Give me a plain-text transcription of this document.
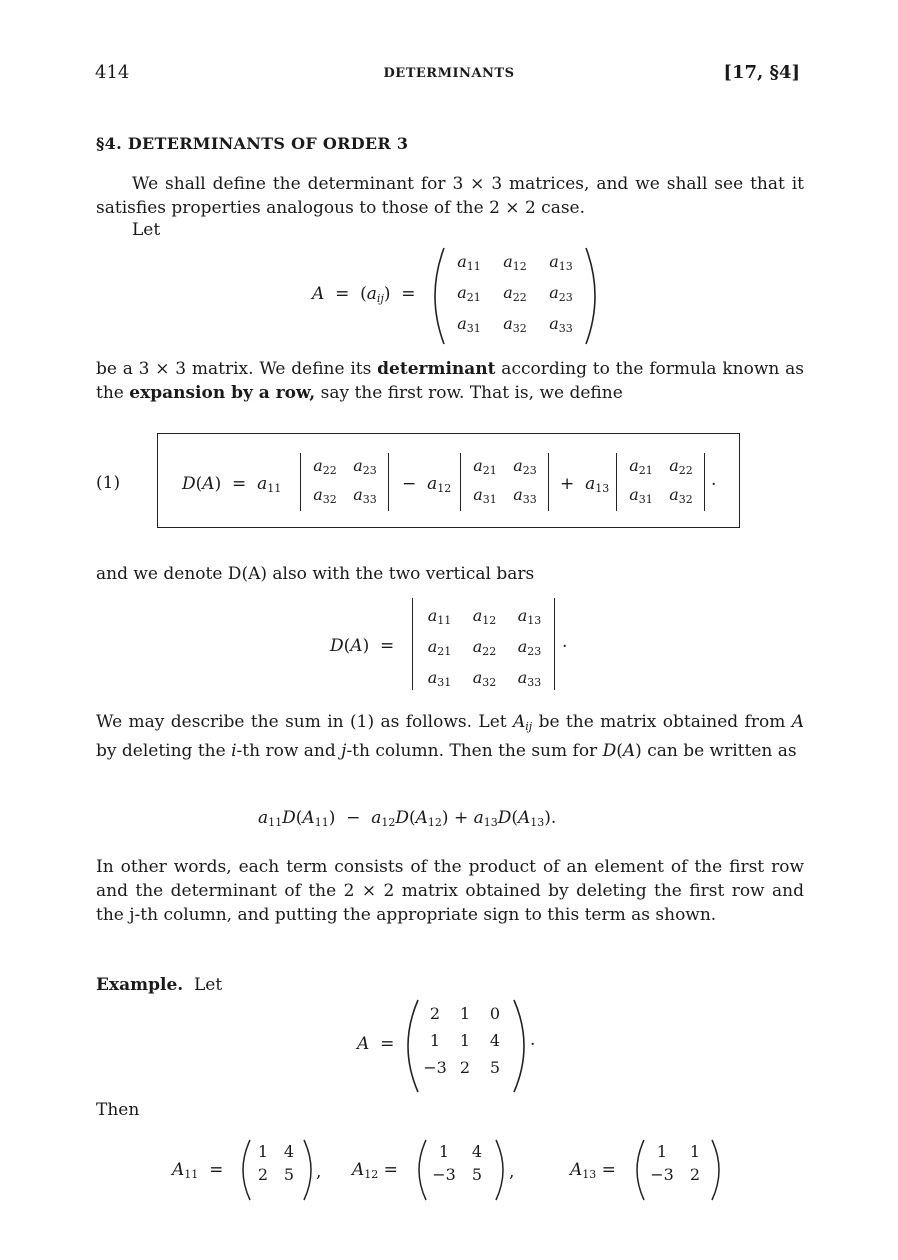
414	DETERMINANTS	[17, §4]
§4. DETERMINANTS OF ORDER 3
We shall define the determinant for 3 × 3 matrices, and we shall see that it satisfies properties analogous to those of the 2 × 2 case.
Let
$A = (a_{ij})$  =
$a_{11}$	$a_{12}$	$a_{13}$
$a_{21}$	$a_{22}$	$a_{23}$
$a_{31}$	$a_{32}$	$a_{33}$
be a 3 × 3 matrix. We define its determinant according to the formula known as the expansion by a row, say the first row. That is, we define
(1)	$D(A) = a_{11}$
$a_{22}$	$a_{23}$
$a_{32}$	$a_{33}$
−  $a_{12}$
$a_{21}$	$a_{23}$
$a_{31}$	$a_{33}$
+  $a_{13}$
$a_{21}$	$a_{22}$
$a_{31}$	$a_{32}$
.
and we denote D(A) also with the two vertical bars
D(A)  =
$a_{11}$	$a_{12}$	$a_{13}$
$a_{21}$	$a_{22}$	$a_{23}$
$a_{31}$	$a_{32}$	$a_{33}$
.
We may describe the sum in (1) as follows. Let $A_{ij}$ be the matrix obtained from A by deleting the i-th row and j-th column. Then the sum for D(A) can be written as
$a_{11}D(A_{11}) - a_{12}D(A_{12}) + a_{13}D(A_{13})$.
In other words, each term consists of the product of an element of the first row and the determinant of the 2 × 2 matrix obtained by deleting the first row and the j-th column, and putting the appropriate sign to this term as shown.
Example. Let
A  =
2	1	0
1	1	4
−3 2	5
.
Then
$A_{11}$  =
1 4
2 5	, $A_{12}$ =
1	4
−3	5	,	$A_{13}$ =
1	1
−3	2
